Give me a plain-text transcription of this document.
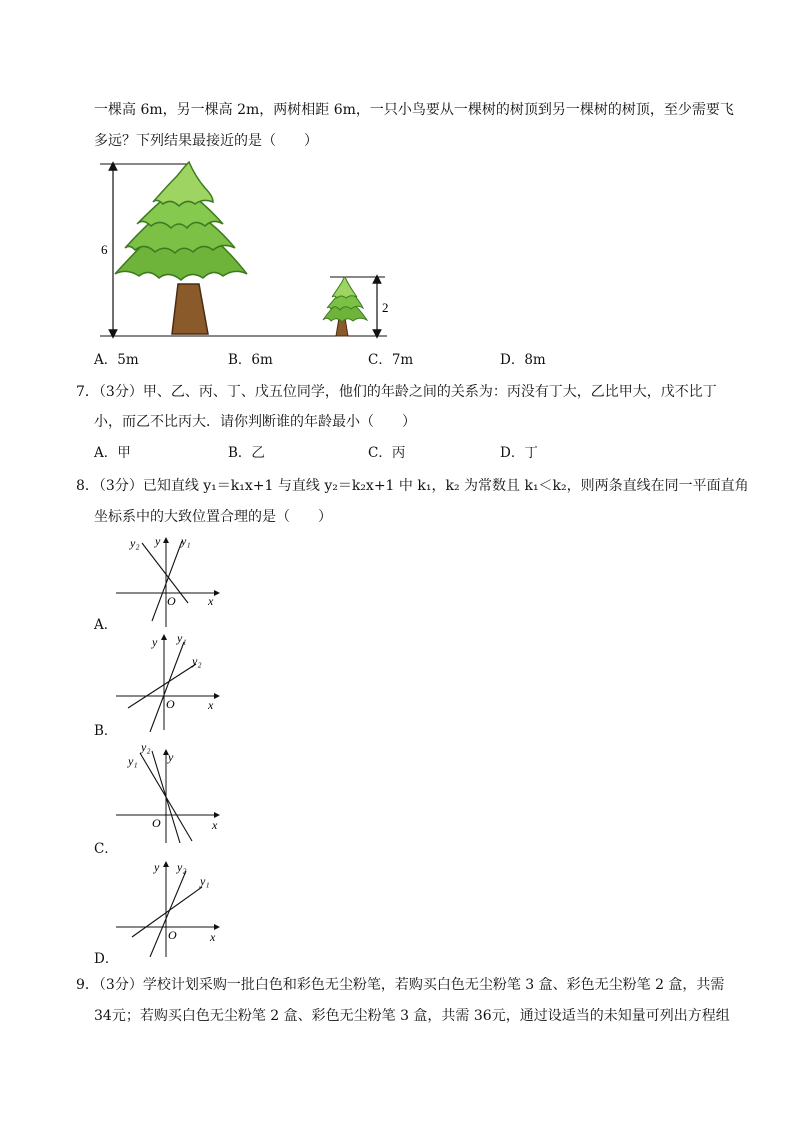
一棵高 6m，另一棵高 2m，两树相距 6m，一只小鸟要从一棵树的树顶到另一棵树的树顶，至少需要飞
多远？下列结果最接近的是（　　）
6
2
A．5m	B．6m	C．7m	D．8m
7．（3分）甲、乙、丙、丁、戊五位同学，他们的年龄之间的关系为：丙没有丁大，乙比甲大，戊不比丁
小，而乙不比丙大．请你判断谁的年龄最小（　　）
A．甲	B．乙	C．丙	D．丁
8．（3分）已知直线 y₁＝k₁x+1 与直线 y₂＝k₂x+1 中 k₁，k₂ 为常数且 k₁＜k₂，则两条直线在同一平面直角
坐标系中的大致位置合理的是（　　）
y₂ y y₁
O	x
A．
y y₁
y₂
O	x
B．
y₂
y₁	y
O	x
C．
y y₂
y₁
O	x
D．
9．（3分）学校计划采购一批白色和彩色无尘粉笔，若购买白色无尘粉笔 3 盒、彩色无尘粉笔 2 盒，共需
34元；若购买白色无尘粉笔 2 盒、彩色无尘粉笔 3 盒，共需 36元，通过设适当的未知量可列出方程组
